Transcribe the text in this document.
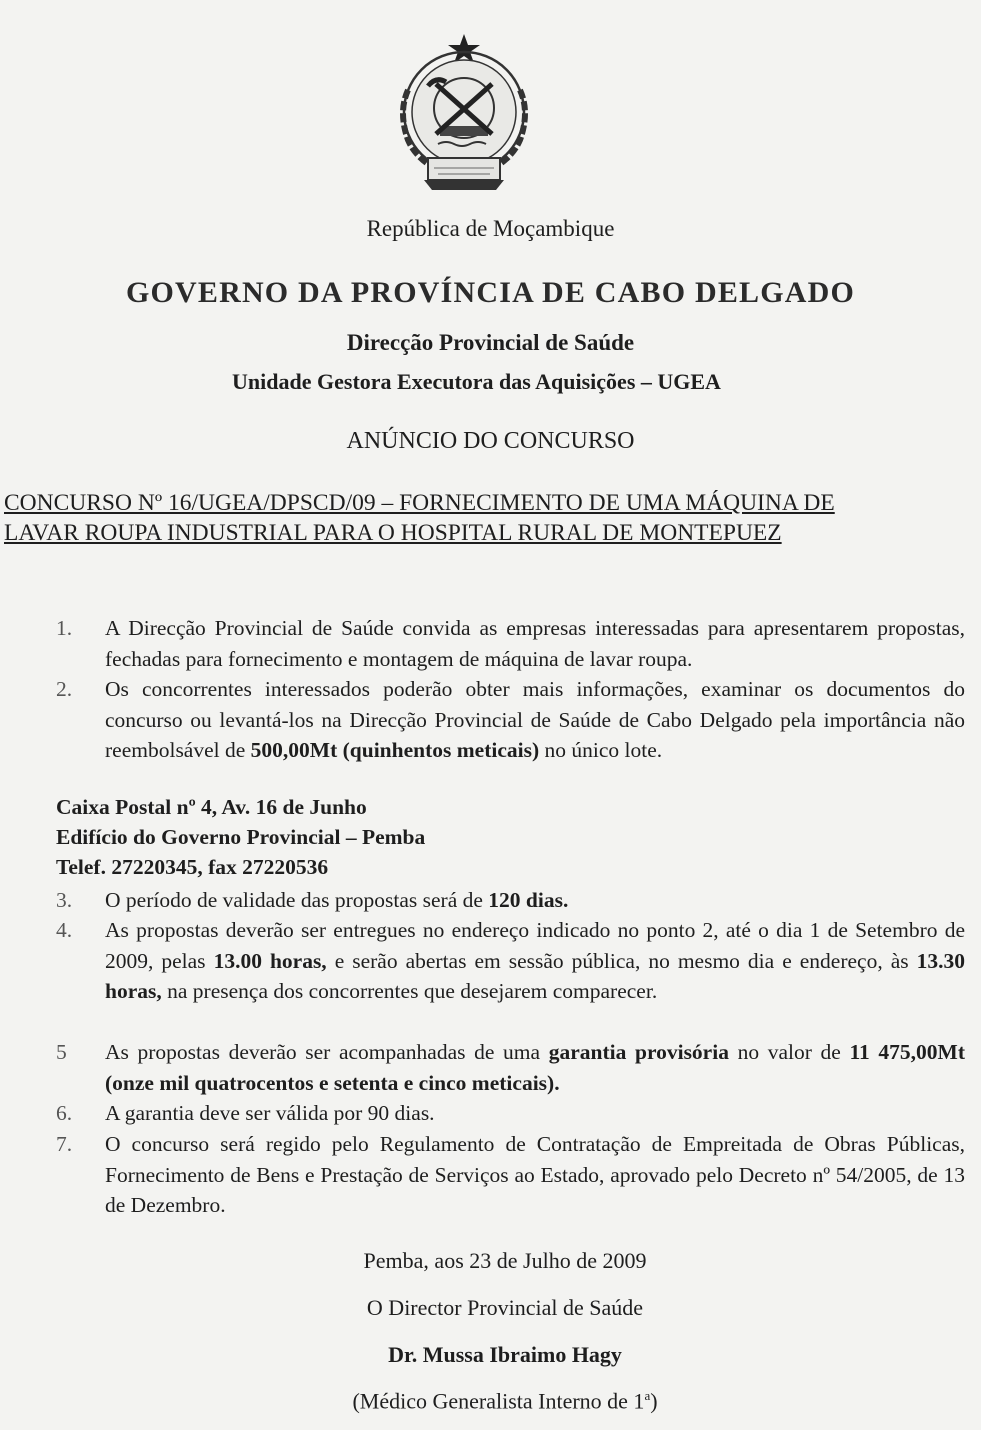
República de Moçambique
GOVERNO DA PROVÍNCIA DE CABO DELGADO
Direcção Provincial de Saúde
Unidade Gestora Executora das Aquisições – UGEA
ANÚNCIO DO CONCURSO
CONCURSO Nº 16/UGEA/DPSCD/09 – FORNECIMENTO DE UMA MÁQUINA DE
LAVAR ROUPA INDUSTRIAL PARA O HOSPITAL RURAL DE MONTEPUEZ
1. A Direcção Provincial de Saúde convida as empresas interessadas para apresentarem propostas, fechadas para fornecimento e montagem de máquina de lavar roupa.
2. Os concorrentes interessados poderão obter mais informações, examinar os documentos do concurso ou levantá-los na Direcção Provincial de Saúde de Cabo Delgado pela importância não reembolsável de 500,00Mt (quinhentos meticais) no único lote.
Caixa Postal nº 4, Av. 16 de Junho
Edifício do Governo Provincial – Pemba
Telef. 27220345, fax 27220536
3. O período de validade das propostas será de 120 dias.
4. As propostas deverão ser entregues no endereço indicado no ponto 2, até o dia 1 de Setembro de 2009, pelas 13.00 horas, e serão abertas em sessão pública, no mesmo dia e endereço, às 13.30 horas, na presença dos concorrentes que desejarem comparecer.
5 As propostas deverão ser acompanhadas de uma garantia provisória no valor de 11 475,00Mt (onze mil quatrocentos e setenta e cinco meticais).
6. A garantia deve ser válida por 90 dias.
7. O concurso será regido pelo Regulamento de Contratação de Empreitada de Obras Públicas, Fornecimento de Bens e Prestação de Serviços ao Estado, aprovado pelo Decreto nº 54/2005, de 13 de Dezembro.
Pemba, aos 23 de Julho de 2009
O Director Provincial de Saúde
Dr. Mussa Ibraimo Hagy
(Médico Generalista Interno de 1$^a$)
